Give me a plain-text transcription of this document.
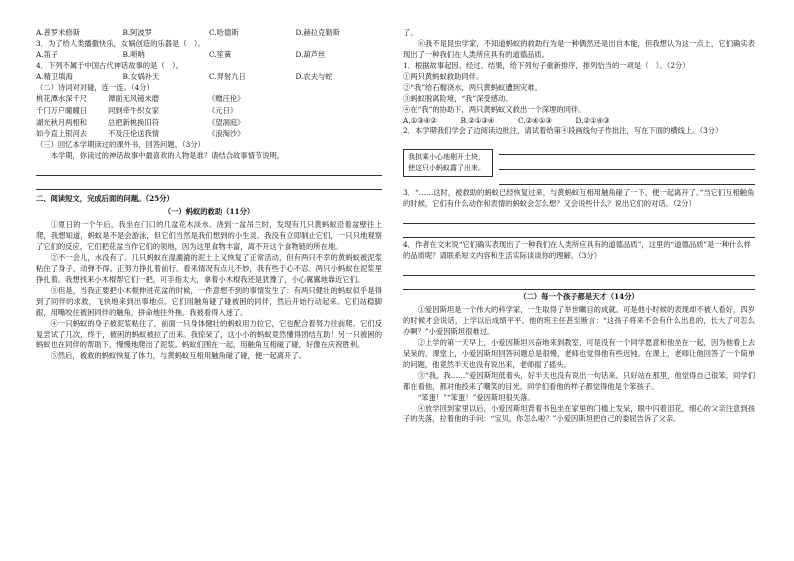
A.普罗米修斯	B.阿波罗	C.哈德斯	D.赫拉克勒斯
3．为了给人类播撒快乐，女娲创造的乐器是（　）。
A.笛子	B.唢呐	C.笙簧	D.葫芦丝
4．下列不属于中国古代神话故事的是（　）。
A.精卫填海	B.女娲补天	C.羿射九日	D.农夫与蛇
（二）诗词对对碰，连一连。（4分）
桃花潭水深千尺	谭面无风镜未磨	《赠汪伦》
千门万户曈曈日	同到牵牛织女家	《元日》
湖光秋月两相和	总把新桃换旧符	《望洞庭》
如今直上银河去	不及汪伦送我情	《浪淘沙》
（三）回忆本学期读过的课外书，回答问题。（3分）
本学期，你读过的神话故事中最喜欢的人物是谁？请结合故事情节说明。
二、阅读短文，完成后面的问题。（25分）
（一）蚂蚁的救助（11分）
①夏日的一个午后，我坐在门口的几盆花木淡水。浇到一盆吊兰时，发现有几只黄蚂蚁沿着盆壁往上爬，我想知道，蚂蚁是不是会游泳，但它们当然是我们想到的小生灵。我没有立即制止它们，一只只地观察了它们的反应，它们把花盆当作它们的领地，因为这里食物丰富，离不开这个食物链的所在地。
②不一会儿，水没有了。几只蚂蚁在湿漉漉的泥土上又恢复了正常活动，但有两只不幸的黄蚂蚁被泥浆粘住了身子，动弹不得。正努力挣扎着前行。看来情况有点儿不妙，我有些于心不忍。两只小蚂蚁在泥浆里挣扎着。我想找来小木棍帮它们一把，可手指太大，拿着小木棍我还是犹豫了，小心翼翼地靠近它们。
③但是，当我正要把小木棍伸进花盆的时候，一件意想不到的事情发生了：有两只健壮的蚂蚁似乎是得到了同伴的求救，飞快地来到出事地点。它们用触角碰了碰被困的同伴，然后开始行动起来。它们站稳脚跟，用嘴咬住被困同伴的触角，拼命地往外拖。我被看得入迷了。
④一只蚂蚁的身子被泥浆粘住了，前面一只身体健壮的蚂蚁用力拉它，它也配合着努力往前爬。它们反复尝试了几次，终于，被困的蚂蚁被拉了出来。我惊呆了，这小小的蚂蚁竟然懂得团结互助！另一只被困的蚂蚁也在同伴的帮助下，慢慢地爬出了泥浆。蚂蚁们围在一起，用触角互相碰了碰，好像在庆祝胜利。
⑤然后，被救的蚂蚁恢复了体力，与黄蚂蚁互相用触角碰了碰，便一起离开了。
了。
⑥我不是昆虫学家，不知道蚂蚁的救助行为是一种偶然还是出自本能，但我想认为这一点上，它们确实表现出了一种我们在人类所应具有的道德品质。
1．根据故事起因、经过、结果，给下列句子重新排序，排列恰当的一项是（　）。（2分）
①两只黄蚂蚁救助同伴。
②“我”给石榴浇水，两只黄蚂蚁遭到灾难。
③蚂蚁脱离险境，“我”深受感动。
④在“我”的协助下，两只黄蚂蚁又救出一个深埋的同伴。
A.①③④②	B.②①③④	C.②④①③	D.②①④③
2．本学期我们学会了边阅读边批注，请试着给第④段画线句子作批注，写在下面的横线上。（3分）
我拱乘小心地剔开土块，使这只小蚂蚁露了出来。
3．“……这时，被救助的蚂蚁已经恢复过来，与黄蚂蚁互相用触角碰了一下，便一起离开了。”当它们互相触角的时候，它们有什么动作和表情的蚂蚁会怎么想？又会说些什么？说出它们的对话。（2分）
4．作者在文末说“它们确实表现出了一种我们在人类所应具有的道德品质”，这里的“道德品质”是一种什么样的品质呢？请联系短文内容和生活实际谈谈你的理解。（3分）
（二）每一个孩子都是天才（14分）
①爱因斯坦是一个伟大的科学家，一生取得了举世瞩目的成就。可是他小时候的表现却不被人看好，四岁的时候才会说话，上学以后成绩平平。他的班主任甚至断言：“这孩子将来不会有什么出息的，长大了可怎么办啊？”小爱因斯坦很难过。
②上学的第一天早上，小爱因斯坦兴奋地来到教室，可是没有一个同学愿意和他坐在一起，因为他看上去呆呆的。课堂上，小爱因斯坦回答问题总是很慢，老师也觉得他有些迟钝。在课上，老师让他回答了一个简单的问题，他竟然半天也没有说出来，老师摇了摇头。
③“我，我……”爱因斯坦低着头，好半天也没有说出一句话来。只好站在那里，他觉得自己很笨，同学们都在看他，都对他投来了嘲笑的目光。同学们看他的样子都觉得他是个笨孩子。
“笨蛋！”“笨蛋！”爱因斯坦很失落。
④放学回到家里以后，小爱因斯坦背着书包坐在家里的门槛上发呆，眼中闪着泪花，细心的父亲注意到孩子的失落，拉着他的手问：“宝贝，你怎么啦？”小爱因斯坦把自己的委屈告诉了父亲。
